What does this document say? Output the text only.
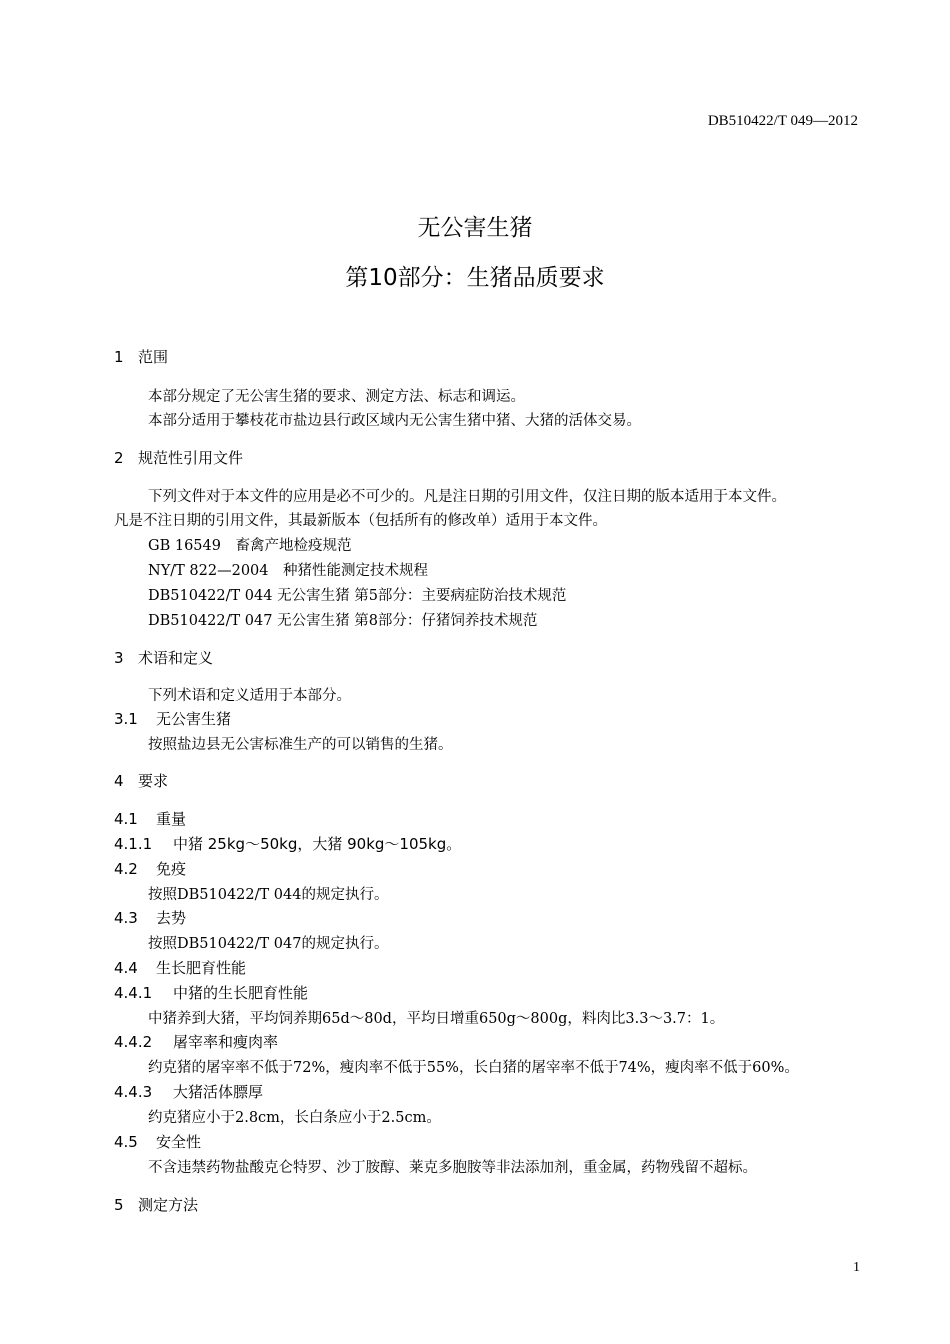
DB510422/T 049—2012
无公害生猪
第10部分：生猪品质要求
1 范围
本部分规定了无公害生猪的要求、测定方法、标志和调运。
本部分适用于攀枝花市盐边县行政区域内无公害生猪中猪、大猪的活体交易。
2 规范性引用文件
下列文件对于本文件的应用是必不可少的。凡是注日期的引用文件，仅注日期的版本适用于本文件。
凡是不注日期的引用文件，其最新版本（包括所有的修改单）适用于本文件。
GB 16549　畜禽产地检疫规范
NY/T 822—2004　种猪性能测定技术规程
DB510422/T 044 无公害生猪 第5部分：主要病症防治技术规范
DB510422/T 047 无公害生猪 第8部分：仔猪饲养技术规范
3 术语和定义
下列术语和定义适用于本部分。
3.1 无公害生猪
按照盐边县无公害标准生产的可以销售的生猪。
4 要求
4.1 重量
4.1.1 中猪 25kg～50kg，大猪 90kg～105kg。
4.2 免疫
按照DB510422/T 044的规定执行。
4.3 去势
按照DB510422/T 047的规定执行。
4.4 生长肥育性能
4.4.1 中猪的生长肥育性能
中猪养到大猪，平均饲养期65d～80d，平均日增重650g～800g，料肉比3.3～3.7：1。
4.4.2 屠宰率和瘦肉率
约克猪的屠宰率不低于72%，瘦肉率不低于55%，长白猪的屠宰率不低于74%，瘦肉率不低于60%。
4.4.3 大猪活体膘厚
约克猪应小于2.8cm，长白条应小于2.5cm。
4.5 安全性
不含违禁药物盐酸克仑特罗、沙丁胺醇、莱克多胞胺等非法添加剂，重金属，药物残留不超标。
5 测定方法
1
